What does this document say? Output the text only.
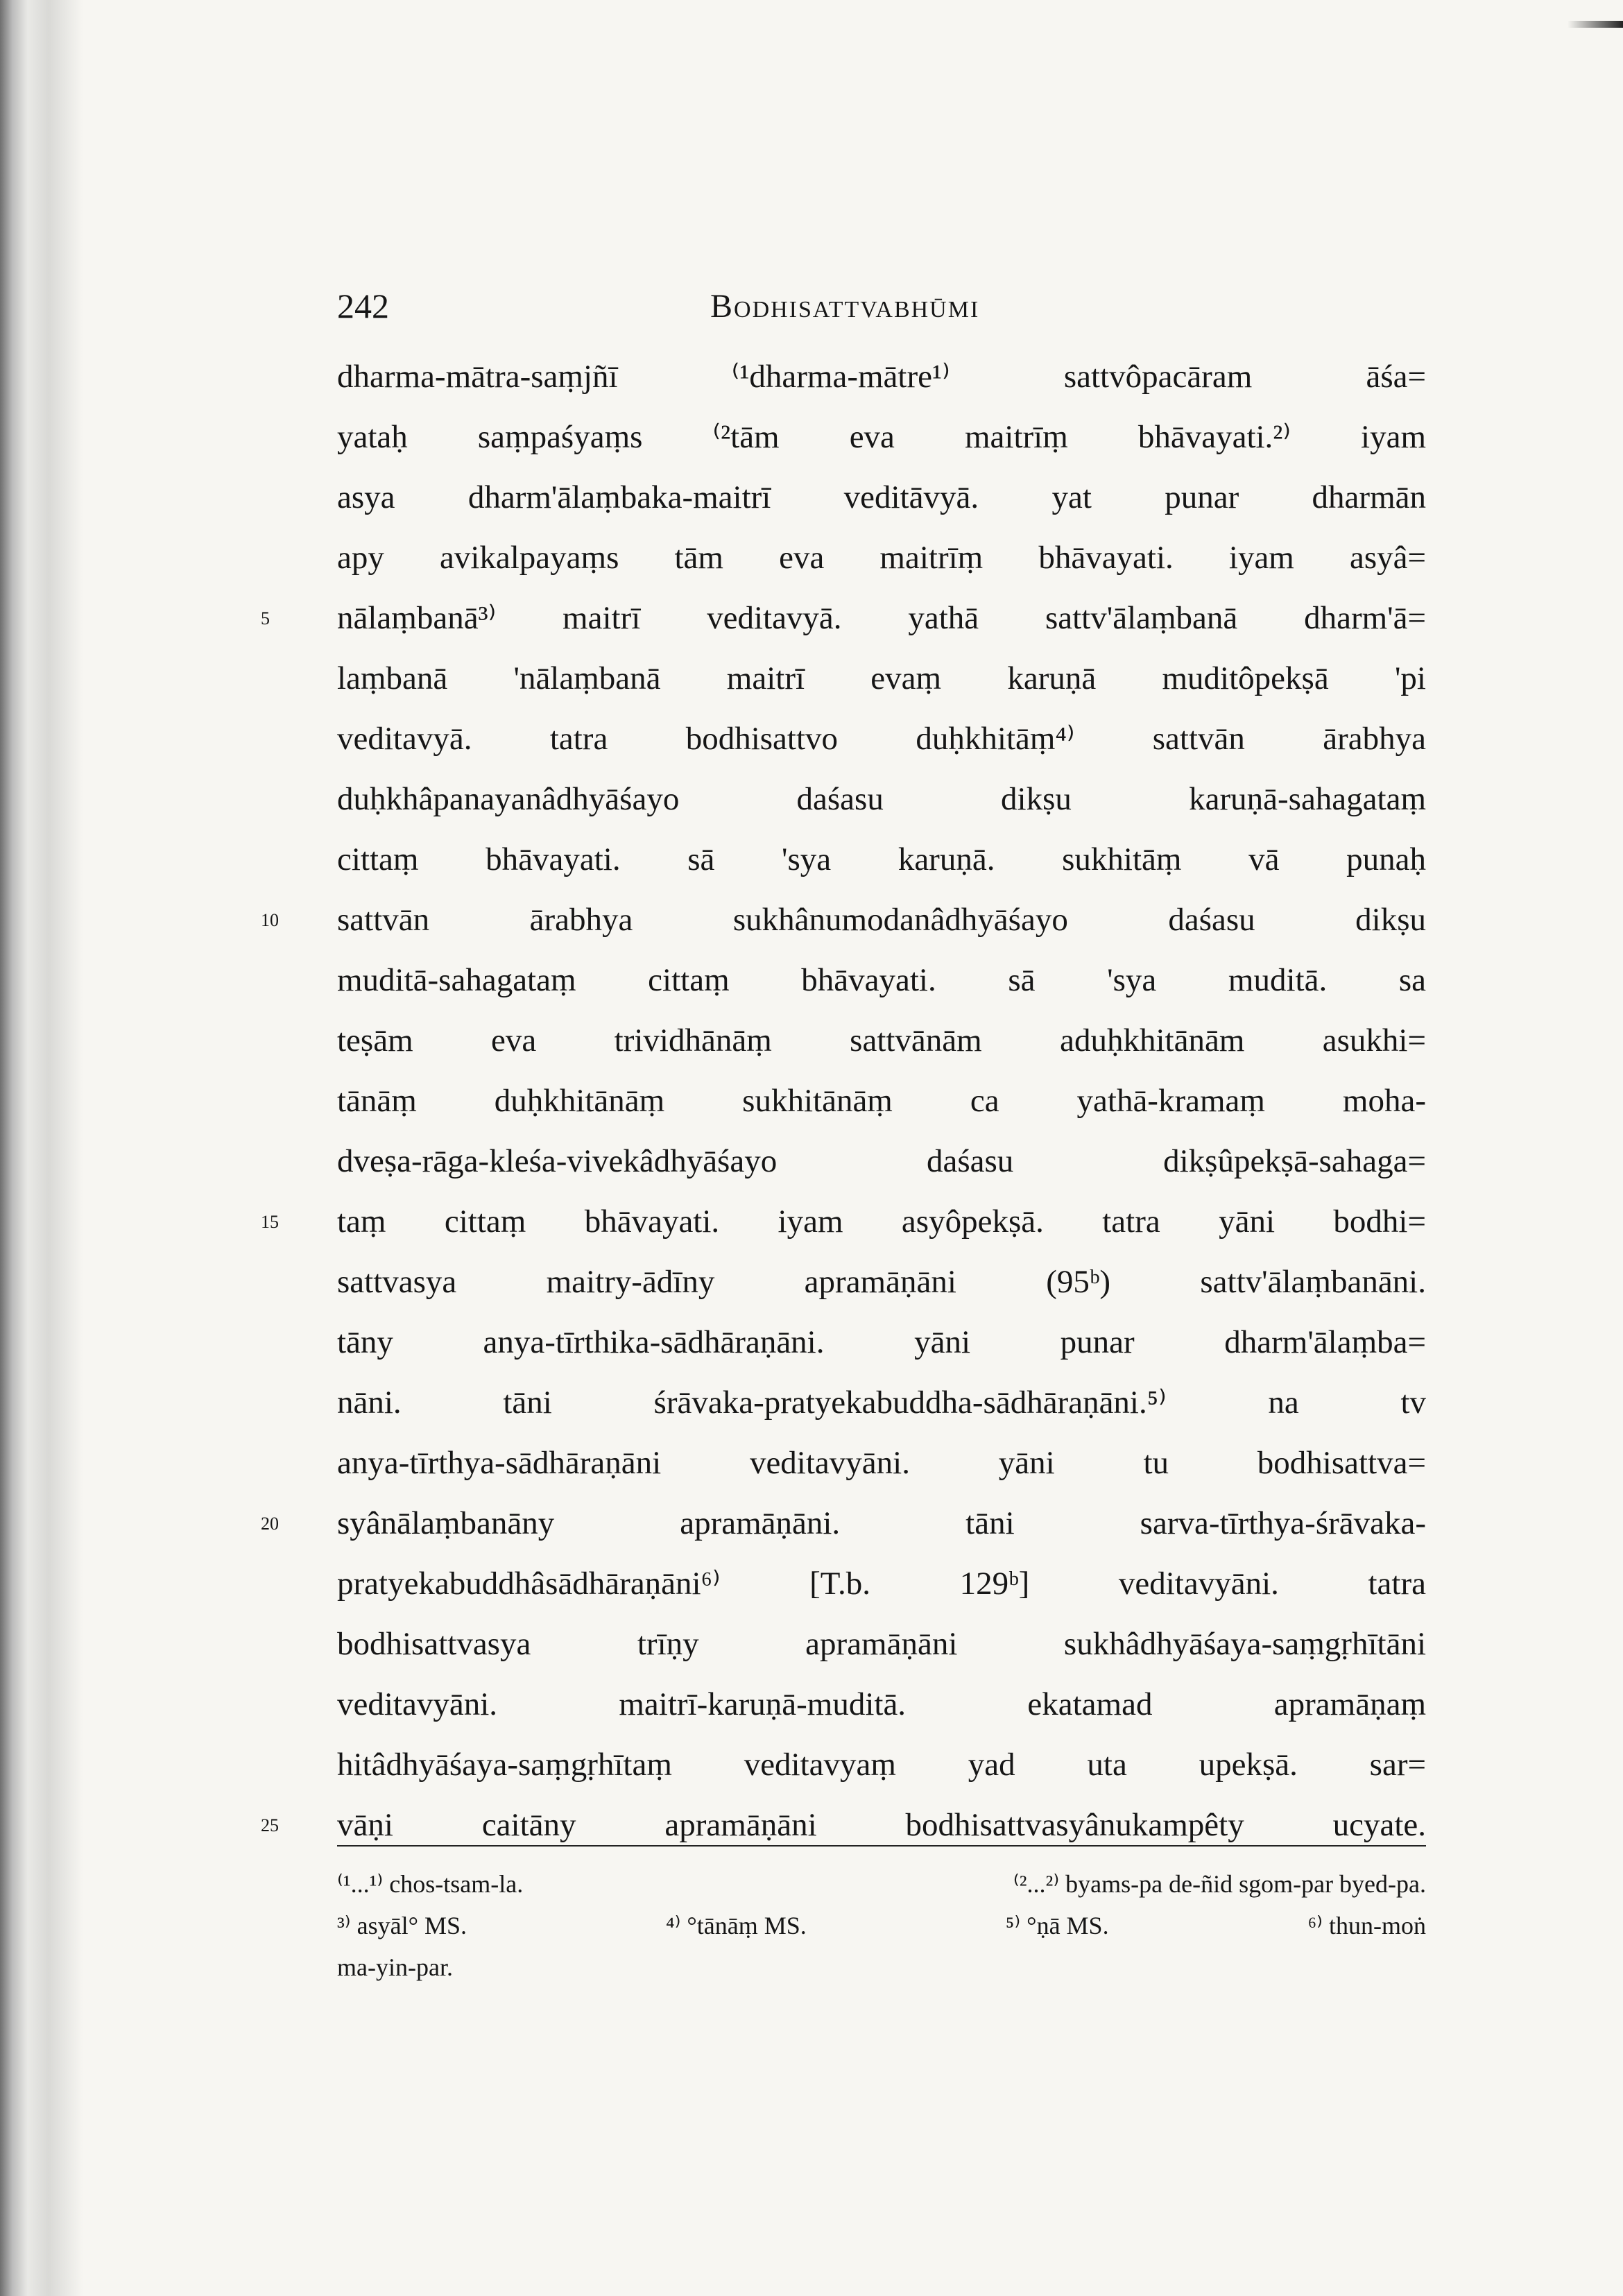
242	Bodhisattvabhūmi
dharma-mātra-saṃjñī ⁽¹dharma-mātre¹⁾ sattvôpacāram āśa=
yataḥ saṃpaśyaṃs ⁽²tām eva maitrīṃ bhāvayati.²⁾ iyam
asya dharm'ālaṃbaka-maitrī veditāvyā. yat punar dharmān
apy avikalpayaṃs tām eva maitrīṃ bhāvayati. iyam asyâ=
5	nālaṃbanā³⁾ maitrī veditavyā. yathā sattv'ālaṃbanā dharm'ā=
laṃbanā 'nālaṃbanā maitrī evaṃ karuṇā muditôpekṣā 'pi
veditavyā. tatra bodhisattvo duḥkhitāṃ⁴⁾ sattvān ārabhya
duḥkhâpanayanâdhyāśayo daśasu dikṣu karuṇā-sahagataṃ
cittaṃ bhāvayati. sā 'sya karuṇā. sukhitāṃ vā punaḥ
10	sattvān ārabhya sukhânumodanâdhyāśayo daśasu dikṣu
muditā-sahagataṃ cittaṃ bhāvayati. sā 'sya muditā. sa
teṣām eva trividhānāṃ sattvānām aduḥkhitānām asukhi=
tānāṃ duḥkhitānāṃ sukhitānāṃ ca yathā-kramaṃ moha-
dveṣa-rāga-kleśa-vivekâdhyāśayo daśasu dikṣûpekṣā-sahaga=
15	taṃ cittaṃ bhāvayati. iyam asyôpekṣā. tatra yāni bodhi=
sattvasya maitry-ādīny apramāṇāni (95ᵇ) sattv'ālaṃbanāni.
tāny anya-tīrthika-sādhāraṇāni. yāni punar dharm'ālaṃba=
nāni. tāni śrāvaka-pratyekabuddha-sādhāraṇāni.⁵⁾ na tv
anya-tīrthya-sādhāraṇāni veditavyāni. yāni tu bodhisattva=
20	syânālaṃbanāny apramāṇāni. tāni sarva-tīrthya-śrāvaka-
pratyekabuddhâsādhāraṇāni⁶⁾ [T.b. 129ᵇ] veditavyāni. tatra
bodhisattvasya trīṇy apramāṇāni sukhâdhyāśaya-saṃgṛhītāni
veditavyāni. maitrī-karuṇā-muditā. ekatamad apramāṇaṃ
hitâdhyāśaya-saṃgṛhītaṃ veditavyaṃ yad uta upekṣā. sar=
25	vāṇi caitāny apramāṇāni bodhisattvasyânukampêty ucyate.
⁽¹...¹⁾ chos-tsam-la.	⁽²...²⁾ byams-pa de-ñid sgom-par byed-pa.
³⁾ asyāl° MS.	⁴⁾ °tānāṃ MS.	⁵⁾ °ṇā MS.	⁶⁾ thun-moṅ
ma-yin-par.
